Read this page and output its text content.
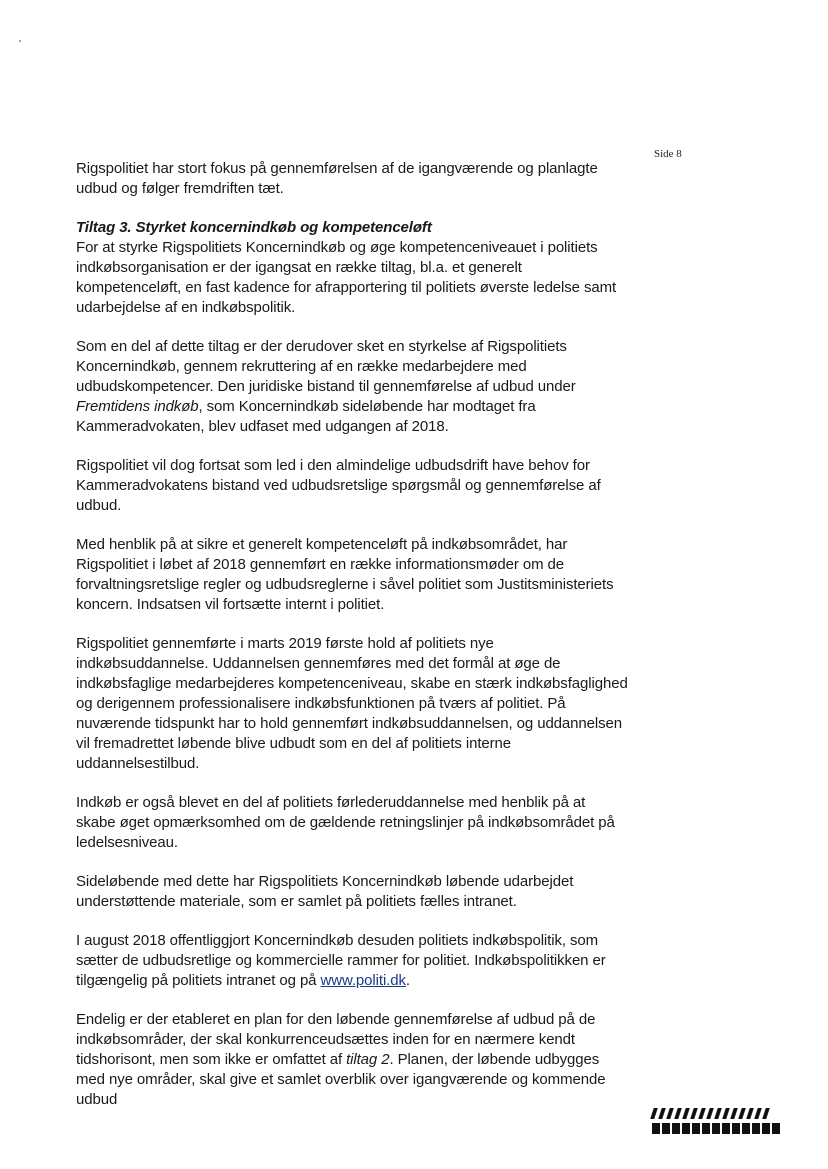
Side 8

Rigspolitiet har stort fokus på gennemførelsen af de igangværende og planlagte udbud og følger fremdriften tæt.

Tiltag 3. Styrket koncernindkøb og kompetenceløft
For at styrke Rigspolitiets Koncernindkøb og øge kompetenceniveauet i politiets indkøbsorganisation er der igangsat en række tiltag, bl.a. et generelt kompetenceløft, en fast kadence for afrapportering til politiets øverste ledelse samt udarbejdelse af en indkøbspolitik.

Som en del af dette tiltag er der derudover sket en styrkelse af Rigspolitiets Koncernindkøb, gennem rekruttering af en række medarbejdere med udbudskompetencer. Den juridiske bistand til gennemførelse af udbud under Fremtidens indkøb, som Koncernindkøb sideløbende har modtaget fra Kammeradvokaten, blev udfaset med udgangen af 2018.

Rigspolitiet vil dog fortsat som led i den almindelige udbudsdrift have behov for Kammeradvokatens bistand ved udbudsretslige spørgsmål og gennemførelse af udbud.

Med henblik på at sikre et generelt kompetenceløft på indkøbsområdet, har Rigspolitiet i løbet af 2018 gennemført en række informationsmøder om de forvaltningsretslige regler og udbudsreglerne i såvel politiet som Justitsministeriets koncern. Indsatsen vil fortsætte internt i politiet.

Rigspolitiet gennemførte i marts 2019 første hold af politiets nye indkøbsuddannelse. Uddannelsen gennemføres med det formål at øge de indkøbsfaglige medarbejderes kompetenceniveau, skabe en stærk indkøbsfaglighed og derigennem professionalisere indkøbsfunktionen på tværs af politiet. På nuværende tidspunkt har to hold gennemført indkøbsuddannelsen, og uddannelsen vil fremadrettet løbende blive udbudt som en del af politiets interne uddannelsestilbud.

Indkøb er også blevet en del af politiets førlederuddannelse med henblik på at skabe øget opmærksomhed om de gældende retningslinjer på indkøbsområdet på ledelsesniveau.

Sideløbende med dette har Rigspolitiets Koncernindkøb løbende udarbejdet understøttende materiale, som er samlet på politiets fælles intranet.

I august 2018 offentliggjort Koncernindkøb desuden politiets indkøbspolitik, som sætter de udbudsretlige og kommercielle rammer for politiet. Indkøbspolitikken er tilgængelig på politiets intranet og på www.politi.dk.

Endelig er der etableret en plan for den løbende gennemførelse af udbud på de indkøbsområder, der skal konkurrenceudsættes inden for en nærmere kendt tidshorisont, men som ikke er omfattet af tiltag 2. Planen, der løbende udbygges med nye områder, skal give et samlet overblik over igangværende og kommende udbud
